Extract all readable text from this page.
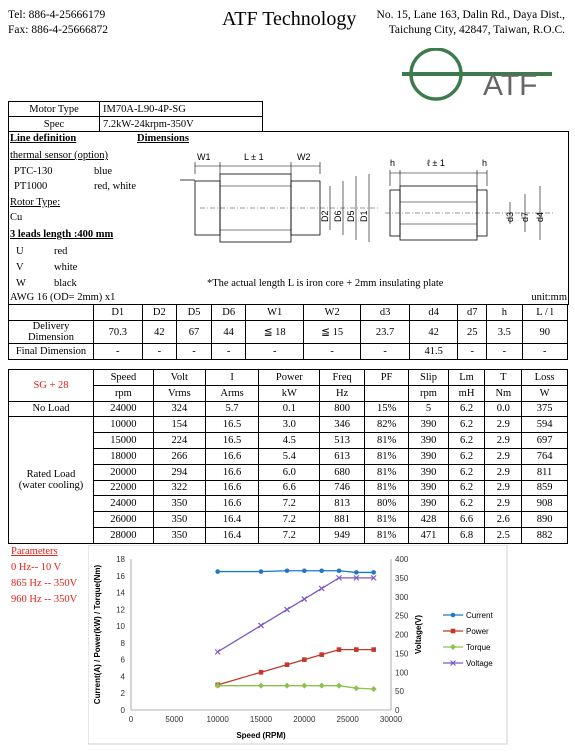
Tel: 886-4-25666179
Fax: 886-4-25666872	ATF Technology No. 15, Lane 163, Dalin Rd., Daya Dist.,
Taichung City, 42847, Taiwan, R.O.C.
ATF
Motor Type	IM70A-L90-4P-SG
Spec	7.2kW-24krpm-350V
Line definition	Dimensions
thermal sensor (option)
PTC-130	blue
PT1000	red, white
Rotor Type:
Cu
3 leads length :400 mm
U	red
V	white
W	black
AWG 16 (OD= 2mm) x1
*The actual length L is iron core + 2mm insulating plate
unit:mm
W1	L ± 1	W2
D2 D6 D5 D1
h	ℓ ± 1	h
d3 d7 d4
	D1	D2	D5	D6	W1	W2	d3	d4	d7	h	L / l
Delivery Dimension	70.3	42	67	44	≦ 18	≦ 15	23.7	42	25	3.5	90
Final Dimension	-	-	-	-	-	-	-	41.5	-	-	-
SG + 28	Speed	Volt	I	Power	Freq	PF	Slip	Lm	T	Loss
	rpm	Vrms	Arms	kW	Hz		rpm	mH	Nm	W
No Load	24000	324	5.7	0.1	800	15%	5	6.2	0.0	375

Rated Load
(water cooling)	10000	154	16.5	3.0	346	82%	390	6.2	2.9	594
	15000	224	16.5	4.5	513	81%	390	6.2	2.9	697
	18000	266	16.6	5.4	613	81%	390	6.2	2.9	764
	20000	294	16.6	6.0	680	81%	390	6.2	2.9	811
	22000	322	16.6	6.6	746	81%	390	6.2	2.9	859
	24000	350	16.6	7.2	813	80%	390	6.2	2.9	908
	26000	350	16.4	7.2	881	81%	428	6.6	2.6	890
	28000	350	16.4	7.2	949	81%	471	6.8	2.5	882
Parameters
0 Hz-- 10 V
865 Hz -- 350V
960 Hz -- 350V
0
2
4
6
8
10
12
14
16
18
0
50
100
150
200
250
300
350
400
0	5000	10000	15000	20000	25000	30000
Speed (RPM)
Current(A) / Power(kW) / Torque(Nm)	Voltage(V)	Current
Power
Torque
Voltage
